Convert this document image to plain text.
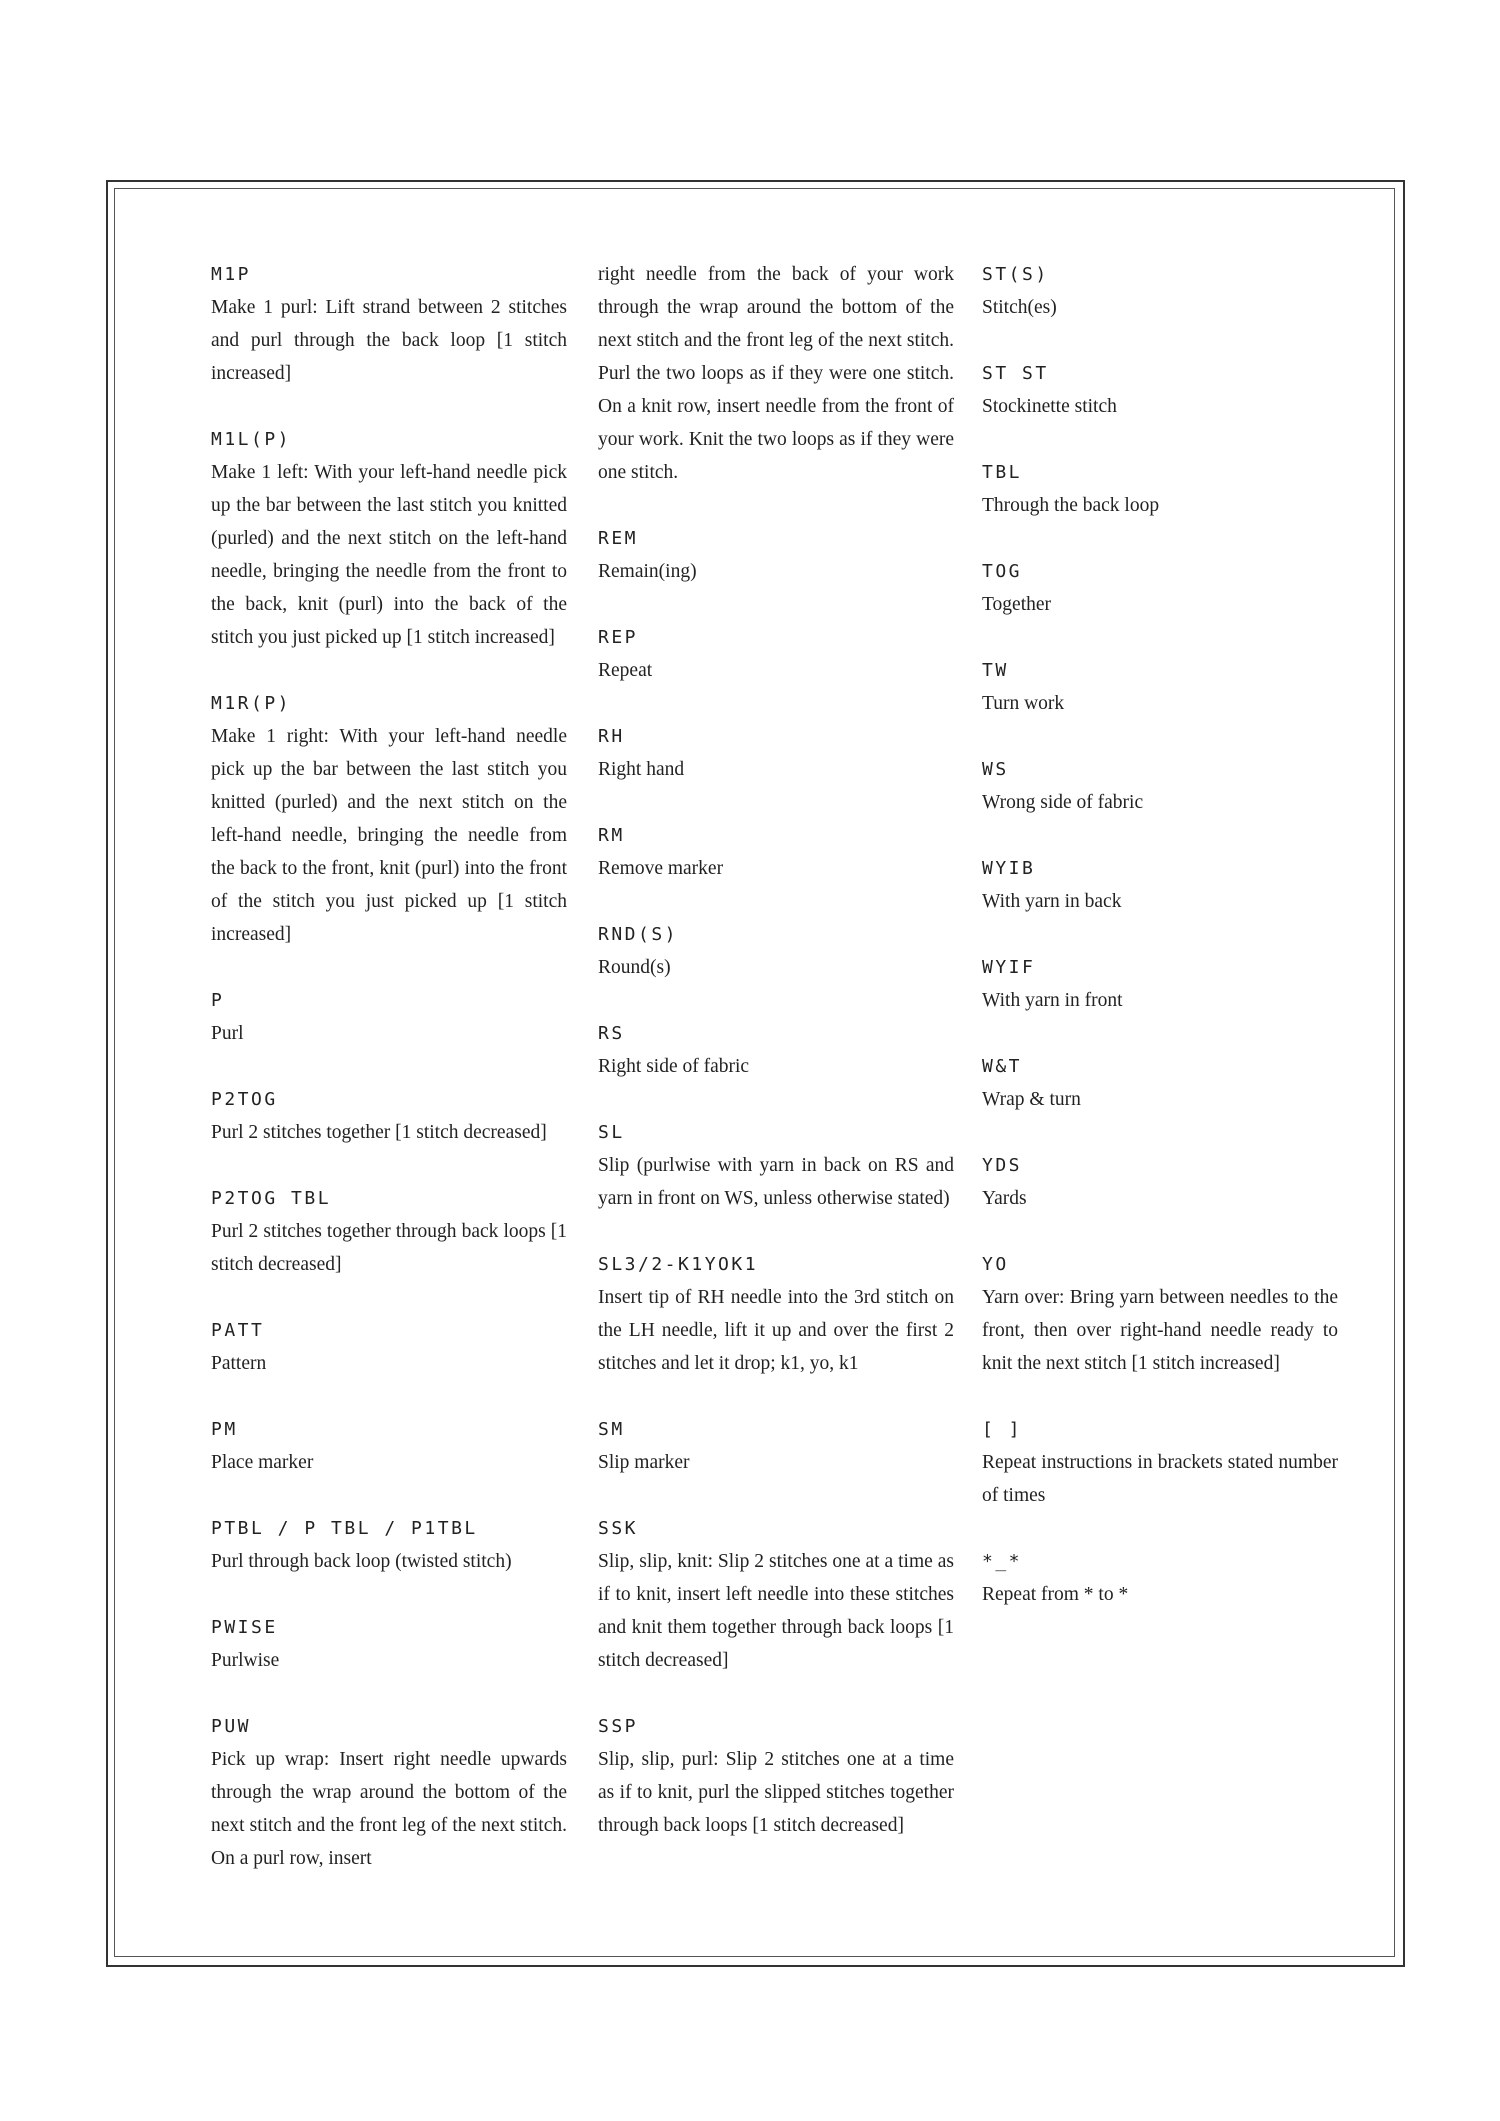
M1P
Make 1 purl: Lift strand between 2 stitches and purl through the back loop [1 stitch increased]
M1L(P)
Make 1 left: With your left-hand needle pick up the bar between the last stitch you knitted (purled) and the next stitch on the left-hand needle, bringing the needle from the front to the back, knit (purl) into the back of the stitch you just picked up [1 stitch increased]
M1R(P)
Make 1 right: With your left-hand needle pick up the bar between the last stitch you knitted (purled) and the next stitch on the left-hand needle, bringing the needle from the back to the front, knit (purl) into the front of the stitch you just picked up [1 stitch increased]
P
Purl
P2TOG
Purl 2 stitches together [1 stitch decreased]
P2TOG TBL
Purl 2 stitches together through back loops [1 stitch decreased]
PATT
Pattern
PM
Place marker
PTBL / P TBL / P1TBL
Purl through back loop (twisted stitch)
PWISE
Purlwise
PUW
Pick up wrap: Insert right needle upwards through the wrap around the bottom of the next stitch and the front leg of the next stitch. On a purl row, insert
right needle from the back of your work through the wrap around the bottom of the next stitch and the front leg of the next stitch. Purl the two loops as if they were one stitch. On a knit row, insert needle from the front of your work. Knit the two loops as if they were one stitch.
REM
Remain(ing)
REP
Repeat
RH
Right hand
RM
Remove marker
RND(S)
Round(s)
RS
Right side of fabric
SL
Slip (purlwise with yarn in back on RS and yarn in front on WS, unless otherwise stated)
SL3/2-K1YOK1
Insert tip of RH needle into the 3rd stitch on the LH needle, lift it up and over the first 2 stitches and let it drop; k1, yo, k1
SM
Slip marker
SSK
Slip, slip, knit: Slip 2 stitches one at a time as if to knit, insert left needle into these stitches and knit them together through back loops [1 stitch decreased]
SSP
Slip, slip, purl: Slip 2 stitches one at a time as if to knit, purl the slipped stitches together through back loops [1 stitch decreased]
ST(S)
Stitch(es)
ST ST
Stockinette stitch
TBL
Through the back loop
TOG
Together
TW
Turn work
WS
Wrong side of fabric
WYIB
With yarn in back
WYIF
With yarn in front
W&T
Wrap & turn
YDS
Yards
YO
Yarn over: Bring yarn between needles to the front, then over right-hand needle ready to knit the next stitch [1 stitch increased]
[ ]
Repeat instructions in brackets stated number of times
*_*
Repeat from * to *
